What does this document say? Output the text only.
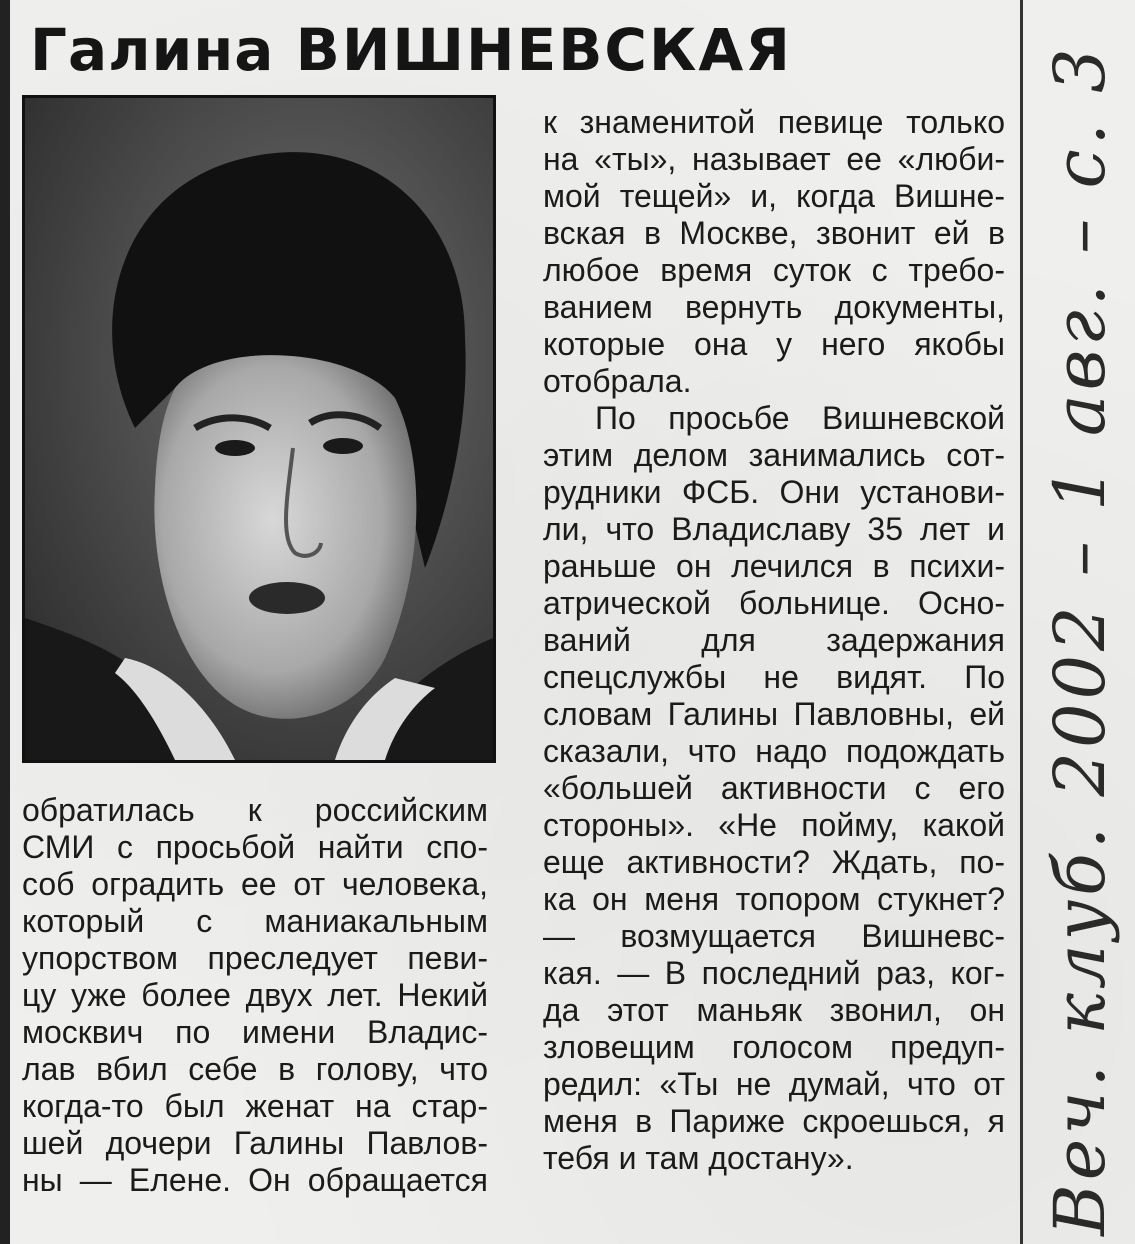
Галина ВИШНЕВСКАЯ
обратилась к российским
СМИ с просьбой найти спо-
соб оградить ее от человека,
который с маниакальным
упорством преследует певи-
цу уже более двух лет. Некий
москвич по имени Владис-
лав вбил себе в голову, что
когда-то был женат на стар-
шей дочери Галины Павлов-
ны — Елене. Он обращается
к знаменитой певице только
на «ты», называет ее «люби-
мой тещей» и, когда Вишне-
вская в Москве, звонит ей в
любое время суток с требо-
ванием вернуть документы,
которые она у него якобы
отобрала.
По просьбе Вишневской
этим делом занимались сот-
рудники ФСБ. Они установи-
ли, что Владиславу 35 лет и
раньше он лечился в психи-
атрической больнице. Осно-
ваний для задержания
спецслужбы не видят. По
словам Галины Павловны, ей
сказали, что надо подождать
«большей активности с его
стороны». «Не пойму, какой
еще активности? Ждать, по-
ка он меня топором стукнет?
— возмущается Вишневс-
кая. — В последний раз, ког-
да этот маньяк звонил, он
зловещим голосом предуп-
редил: «Ты не думай, что от
меня в Париже скроешься, я
тебя и там достану».	Веч. клуб. 2002 – 1 авг. – с. 3
